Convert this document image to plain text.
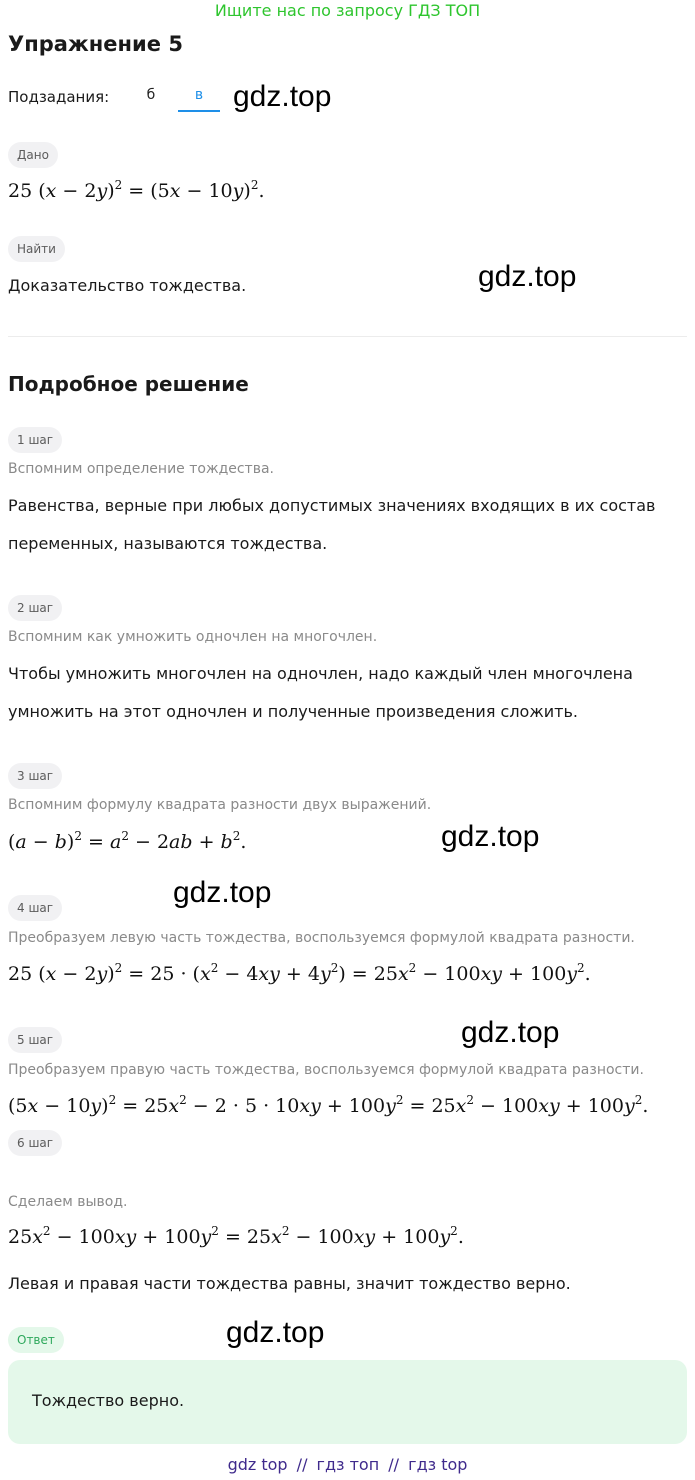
Ищите нас по запросу ГДЗ ТОП
Упражнение 5
Подзадания:	б	в gdz.top
Дано
25 $(x - 2y)^2 = (5x - 10y)^2$.
Найти
Доказательство тождества.	gdz.top
Подробное решение
1 шаг
Вспомним определение тождества.
Равенства, верные при любых допустимых значениях входящих в их состав переменных, называются тождества.
2 шаг
Вспомним как умножить одночлен на многочлен.
Чтобы умножить многочлен на одночлен, надо каждый член многочлена умножить на этот одночлен и полученные произведения сложить.
3 шаг
Вспомним формулу квадрата разности двух выражений.
$(a - b)^2 = a^2 - 2ab + b^2$.	gdz.top
gdz.top
4 шаг
Преобразуем левую часть тождества, воспользуемся формулой квадрата разности.
25 $(x - 2y)^2 = 25 \cdot (x^2 - 4xy + 4y^2) = 25x^2 - 100xy + 100y^2$.
gdz.top
5 шаг
Преобразуем правую часть тождества, воспользуемся формулой квадрата разности.
$(5x - 10y)^2 = 25x^2 - 2 \cdot 5 \cdot 10xy + 100y^2 = 25x^2 - 100xy + 100y^2$.
6 шаг
Сделаем вывод.
$25x^2 - 100xy + 100y^2 = 25x^2 - 100xy + 100y^2$.
Левая и правая части тождества равны, значит тождество верно.
Ответ	gdz.top
Тождество верно.
gdz top // гдз топ // гдз top
